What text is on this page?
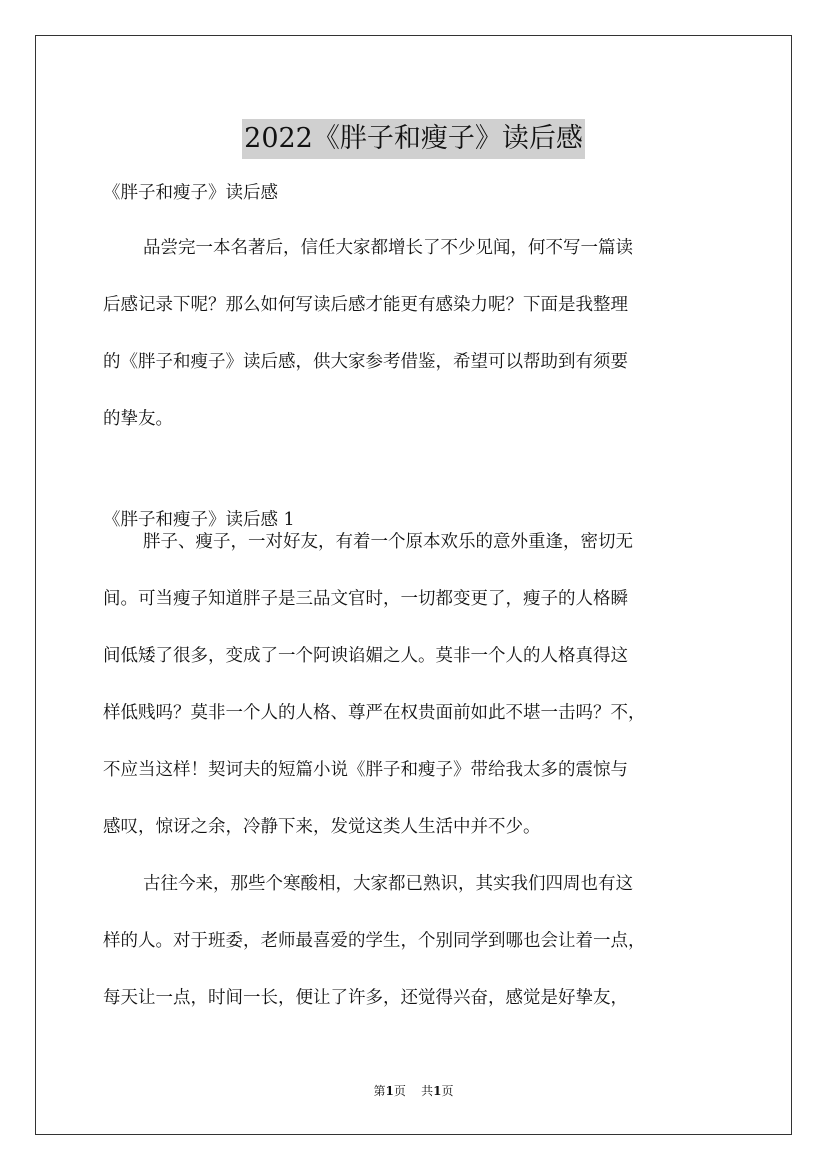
2022《胖子和瘦子》读后感

《胖子和瘦子》读后感

品尝完一本名著后，信任大家都增长了不少见闻，何不写一篇读
后感记录下呢？那么如何写读后感才能更有感染力呢？下面是我整理
的《胖子和瘦子》读后感，供大家参考借鉴，希望可以帮助到有须要
的挚友。

《胖子和瘦子》读后感 1

胖子、瘦子，一对好友，有着一个原本欢乐的意外重逢，密切无
间。可当瘦子知道胖子是三品文官时，一切都变更了，瘦子的人格瞬
间低矮了很多，变成了一个阿谀谄媚之人。莫非一个人的人格真得这
样低贱吗？莫非一个人的人格、尊严在权贵面前如此不堪一击吗？不，
不应当这样！契诃夫的短篇小说《胖子和瘦子》带给我太多的震惊与
感叹，惊讶之余，冷静下来，发觉这类人生活中并不少。
古往今来，那些个寒酸相，大家都已熟识，其实我们四周也有这
样的人。对于班委，老师最喜爱的学生，个别同学到哪也会让着一点，
每天让一点，时间一长，便让了许多，还觉得兴奋，感觉是好挚友，
第1页 共1页
